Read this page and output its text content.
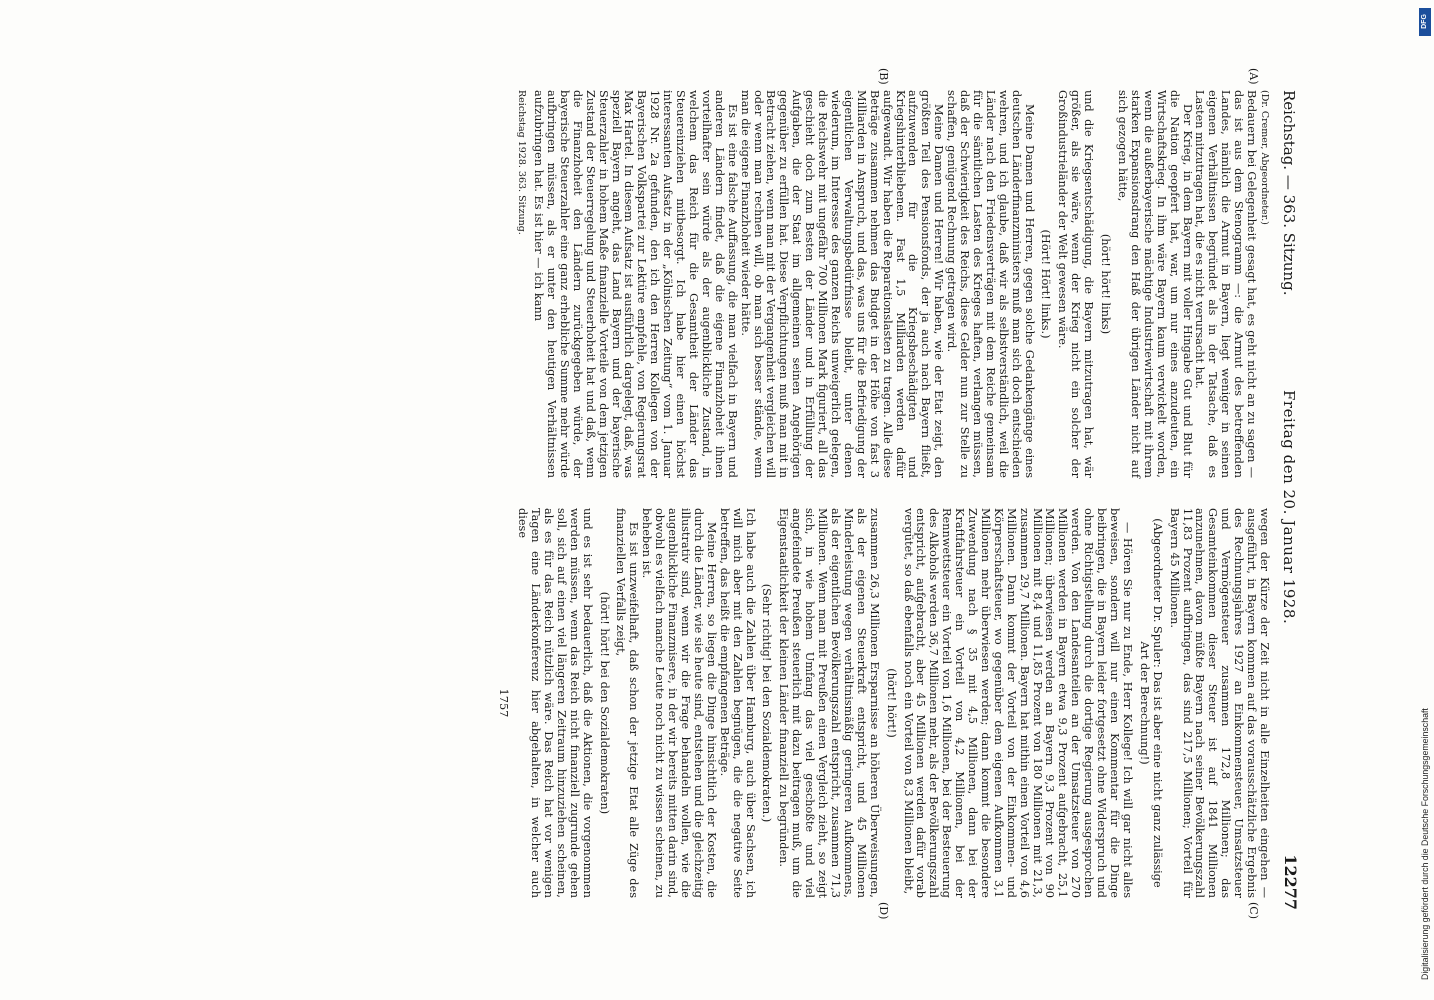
Reichstag. — 363. Sitzung.
Freitag den 20. Januar 1928.
12277

(Dr. Cremer, Abgeordneter.)

Bedauern bei Gelegenheit gesagt hat, es geht nicht an zu sagen — das ist aus dem Stenogramm —: die Armut des betreffenden Landes, nämlich die Armut in Bayern, liegt weniger in seinen eigenen Verhältnissen begründet als in der Tatsache, daß es Lasten mitzutragen hat, die es nicht verursacht hat.

Der Krieg, in dem Bayern mit voller Hingabe Gut und Blut für die Nation geopfert hat, war, um nur eines anzudeuten, ein Wirtschaftskrieg. In ihm wäre Bayern kaum verwickelt worden, wenn die außerbayerische mächtige Industriewirtschaft mit ihrem starken Expansionsdrang den Haß der übrigen Länder nicht auf sich gezogen hätte,

(hört! hört! links)

und die Kriegsentschädigung, die Bayern mitzutragen hat, wär größer, als sie wäre, wenn der Krieg nicht ein solcher der Großindustrieländer der Welt gewesen wäre.

(Hört! Hört! links.)

Meine Damen und Herren, gegen solche Gedankengänge eines deutschen Länderfinanzministers muß man sich doch entschieden wehren, und ich glaube, daß wir als selbstverständlich, weil die Länder nach den Friedensverträgen mit dem Reiche gemeinsam für die sämtlichen Lasten des Krieges haften, verlangen müssen, daß der Schwierigkeit des Reichs, diese Gelder nun zur Stelle zu schaffen, genügend Rechnung getragen wird.

Meine Damen und Herren! Wir haben, wie der Etat zeigt, den größten Teil des Pensionsfonds, der ja auch nach Bayern fließt, aufzuwenden für die Kriegsbeschädigten und Kriegshinterbliebenen. Fast 1,5 Milliarden werden dafür aufgewandt. Wir haben die Reparationslasten zu tragen. Alle diese Beträge zusammen nehmen das Budget in der Höhe von fast 3 Milliarden in Anspruch, und das, was uns für die Befriedigung der eigentlichen Verwaltungsbedürfnisse bleibt, unter denen wiederum, im Interesse des ganzen Reichs unweigerlich gelegen, die Reichswehr mit ungefähr 700 Millionen Mark figuriert, all das geschieht doch zum Besten der Länder und in Erfüllung der Aufgaben, die der Staat im allgemeinen seinen Angehörigen gegenüber zu erfüllen hat. Diese Verpflichtungen muß man mit in Betracht ziehen, wenn man mit der Vergangenheit vergleichen will oder wenn man rechnen will, ob man sich besser stände, wenn man die eigene Finanzhoheit wieder hätte.

Es ist eine falsche Auffassung, die man vielfach in Bayern und anderen Ländern findet, daß die eigene Finanzhoheit ihnen vorteilhafter sein würde als der augenblickliche Zustand, in welchem das Reich für die Gesamtheit der Länder das Steuereinziehen mitbesorgt. Ich habe hier einen höchst interessanten Aufsatz in der „Kölnischen Zeitung“ vom 1. Januar 1928 Nr. 2a gefunden, den ich den Herren Kollegen von der Bayerischen Volkspartei zur Lektüre empfehle, von Regierungsrat Max Hartel. In diesem Aufsatz ist ausführlich dargelegt, daß, was speziell Bayern angeht, das Land Bayern und der bayerische Steuerzahler in hohem Maße finanzielle Vorteile von dem jetzigen Zustand der Steuerregelung und Steuerhoheit hat und daß, wenn die Finanzhoheit den Ländern zurückgegeben würde, der bayerische Steuerzahler eine ganz erhebliche Summe mehr würde aufbringen müssen, als er unter den heutigen Verhältnissen aufzubringen hat. Es ist hier — ich kann

Reichstag 1928. 363. Sitzung.

wegen der Kürze der Zeit nicht in alle Einzelheiten eingehen — ausgeführt, in Bayern kommen auf das vorausschätzliche Ergebnis des Rechnungsjahres 1927 an Einkommensteuer, Umsatzsteuer und Vermögensteuer zusammen 172,8 Millionen; das Gesamteinkommen dieser Steuer ist auf 1841 Millionen anzunehmen, davon müßte Bayern nach seiner Bevölkerungszahl 11,83 Prozent aufbringen, das sind 217,5 Millionen; Vorteil für Bayern 45 Millionen.

(Abgeordneter Dr. Spuler: Das ist aber eine nicht ganz zulässige Art der Berechnung!)

— Hören Sie nur zu Ende, Herr Kollege! Ich will gar nicht alles beweisen, sondern will nur einen Kommentar für die Dinge beibringen, die in Bayern leider fortgesetzt ohne Widerspruch und ohne Richtigstellung durch die dortige Regierung ausgesprochen werden. Von den Landesanteilen an der Umsatzsteuer von 270 Millionen werden in Bayern etwa 9,3 Prozent aufgebracht, 25,1 Millionen; überwiesen werden an Bayern 9,3 Prozent von 90 Millionen mit 8,4 und 11,85 Prozent von 180 Millionen mit 21,3, zusammen 29,7 Millionen. Bayern hat mithin einen Vorteil von 4,6 Millionen. Dann kommt der Vorteil von der Einkommen- und Körperschaftsteuer, wo gegenüber dem eigenen Aufkommen 3,1 Millionen mehr überwiesen werden; dann kommt die besondere Zuwendung nach § 35 mit 4,5 Millionen, dann bei der Kraftfahrsteuer ein Vorteil von 4,2 Millionen, bei der Rennwettsteuer ein Vorteil von 1,6 Millionen, bei der Besteuerung des Alkohols werden 36,7 Millionen mehr, als der Bevölkerungszahl entspricht, aufgebracht, aber 45 Millionen werden dafür vorab vergütet, so daß ebenfalls noch ein Vorteil von 8,3 Millionen bleibt,

(hört! hört!)

zusammen 26,3 Millionen Ersparnisse an höheren Überweisungen, als der eigenen Steuerkraft entspricht, und 45 Millionen Minderleistung wegen verhältnismäßig geringeren Aufkommens, als der eigentlichen Bevölkerungszahl entspricht, zusammen 71,3 Millionen. Wenn man mit Preußen einen Vergleich zieht, so zeigt sich, in wie hohem Umfang das viel geschoßte und viel angefeindete Preußen steuerlich mit dazu beitragen muß, um die Eigenstaatlichkeit der kleinen Länder finanziell zu begründen.

(Sehr richtig! bei den Sozialdemokraten.)

Ich habe auch die Zahlen über Hamburg, auch über Sachsen, ich will mich aber mit den Zahlen begnügen, die die negative Seite betreffen, das heißt die empfangenen Beträge.

Meine Herren, so liegen die Dinge hinsichtlich der Kosten, die durch die Länder, wie sie heute sind, entstehen und die gleichzeitig illustrativ sind, wenn wir die Frage behandeln wollen, wie die augenblickliche Finanzmisere, in der wir bereits mitten darin sind, obwohl es vielfach manche Leute noch nicht zu wissen scheinen, zu beheben ist.

Es ist unzweifelhaft, daß schon der jetzige Etat alle Züge des finanziellen Verfalls zeigt,

(hört! hört! bei den Sozialdemokraten)

und es ist sehr bedauerlich, daß die Aktionen, die vorgenommen werden müssen, wenn das Reich nicht finanziell zugrunde gehen soll, sich auf einen viel längeren Zeitraum hinzuziehen scheinen, als es für das Reich nützlich wäre. Das Reich hat vor wenigen Tagen eine Länderkonferenz hier abgehalten, in welcher auch diese

1757

(A)
(B)
(C)
(D)
DFG
Digitalisierung gefördert durch die Deutsche Forschungsgemeinschaft
